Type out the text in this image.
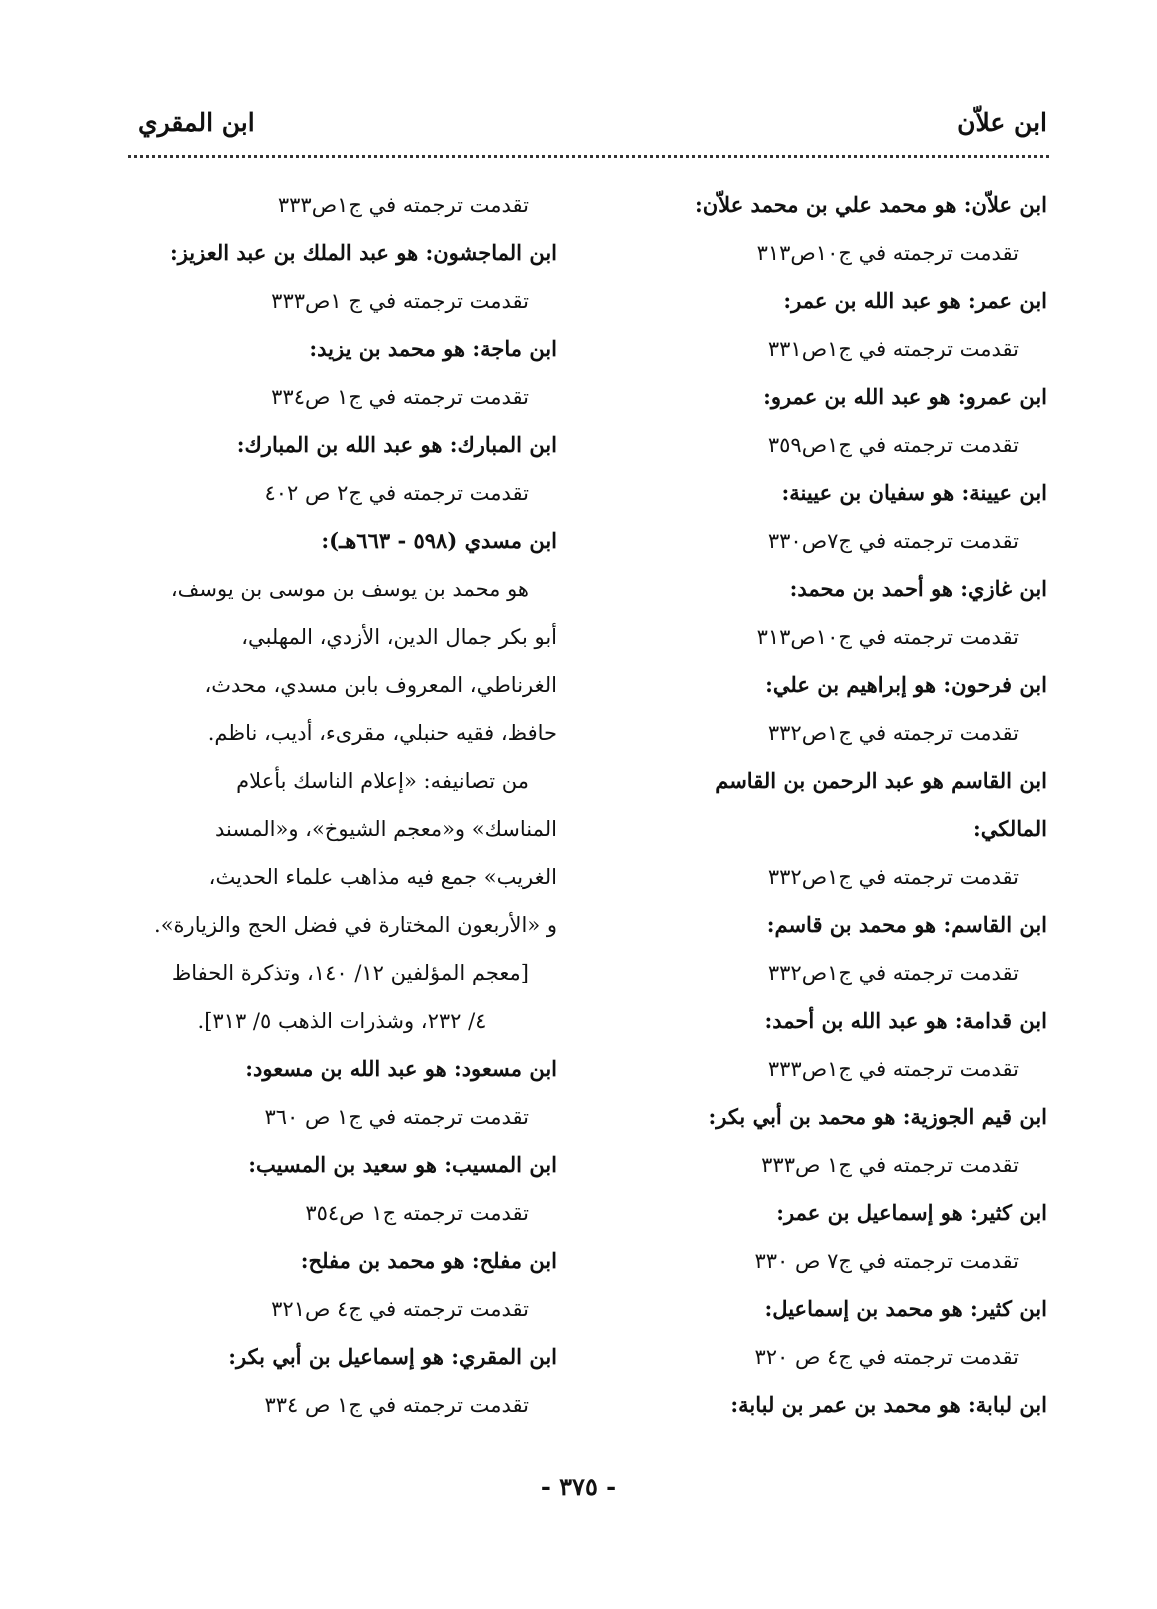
ابن علاّن
ابن المقري
ابن علاّن: هو محمد علي بن محمد علاّن:
تقدمت ترجمته في ج١٠ص٣١٣
ابن عمر: هو عبد الله بن عمر:
تقدمت ترجمته في ج١ص٣٣١
ابن عمرو: هو عبد الله بن عمرو:
تقدمت ترجمته في ج١ص٣٥٩
ابن عيينة: هو سفيان بن عيينة:
تقدمت ترجمته في ج٧ص٣٣٠
ابن غازي: هو أحمد بن محمد:
تقدمت ترجمته في ج١٠ص٣١٣
ابن فرحون: هو إبراهيم بن علي:
تقدمت ترجمته في ج١ص٣٣٢
ابن القاسم هو عبد الرحمن بن القاسم
المالكي:
تقدمت ترجمته في ج١ص٣٣٢
ابن القاسم: هو محمد بن قاسم:
تقدمت ترجمته في ج١ص٣٣٢
ابن قدامة: هو عبد الله بن أحمد:
تقدمت ترجمته في ج١ص٣٣٣
ابن قيم الجوزية: هو محمد بن أبي بكر:
تقدمت ترجمته في ج١ ص٣٣٣
ابن كثير: هو إسماعيل بن عمر:
تقدمت ترجمته في ج٧ ص ٣٣٠
ابن كثير: هو محمد بن إسماعيل:
تقدمت ترجمته في ج٤ ص ٣٢٠
ابن لبابة: هو محمد بن عمر بن لبابة:
تقدمت ترجمته في ج١ص٣٣٣
ابن الماجشون: هو عبد الملك بن عبد العزيز:
تقدمت ترجمته في ج ١ص٣٣٣
ابن ماجة: هو محمد بن يزيد:
تقدمت ترجمته في ج١ ص٣٣٤
ابن المبارك: هو عبد الله بن المبارك:
تقدمت ترجمته في ج٢ ص ٤٠٢
ابن مسدي (٥٩٨ - ٦٦٣هـ):
هو محمد بن يوسف بن موسى بن يوسف،
أبو بكر جمال الدين، الأزدي، المهلبي،
الغرناطي، المعروف بابن مسدي، محدث،
حافظ، فقيه حنبلي، مقرىء، أديب، ناظم.
من تصانيفه: «إعلام الناسك بأعلام
المناسك» و«معجم الشيوخ»، و«المسند
الغريب» جمع فيه مذاهب علماء الحديث،
و «الأربعون المختارة في فضل الحج والزيارة».
[معجم المؤلفين ١٢/ ١٤٠، وتذكرة الحفاظ
٤/ ٢٣٢، وشذرات الذهب ٥/ ٣١٣].
ابن مسعود: هو عبد الله بن مسعود:
تقدمت ترجمته في ج١ ص ٣٦٠
ابن المسيب: هو سعيد بن المسيب:
تقدمت ترجمته ج١ ص٣٥٤
ابن مفلح: هو محمد بن مفلح:
تقدمت ترجمته في ج٤ ص٣٢١
ابن المقري: هو إسماعيل بن أبي بكر:
تقدمت ترجمته في ج١ ص ٣٣٤
- ٣٧٥ -
